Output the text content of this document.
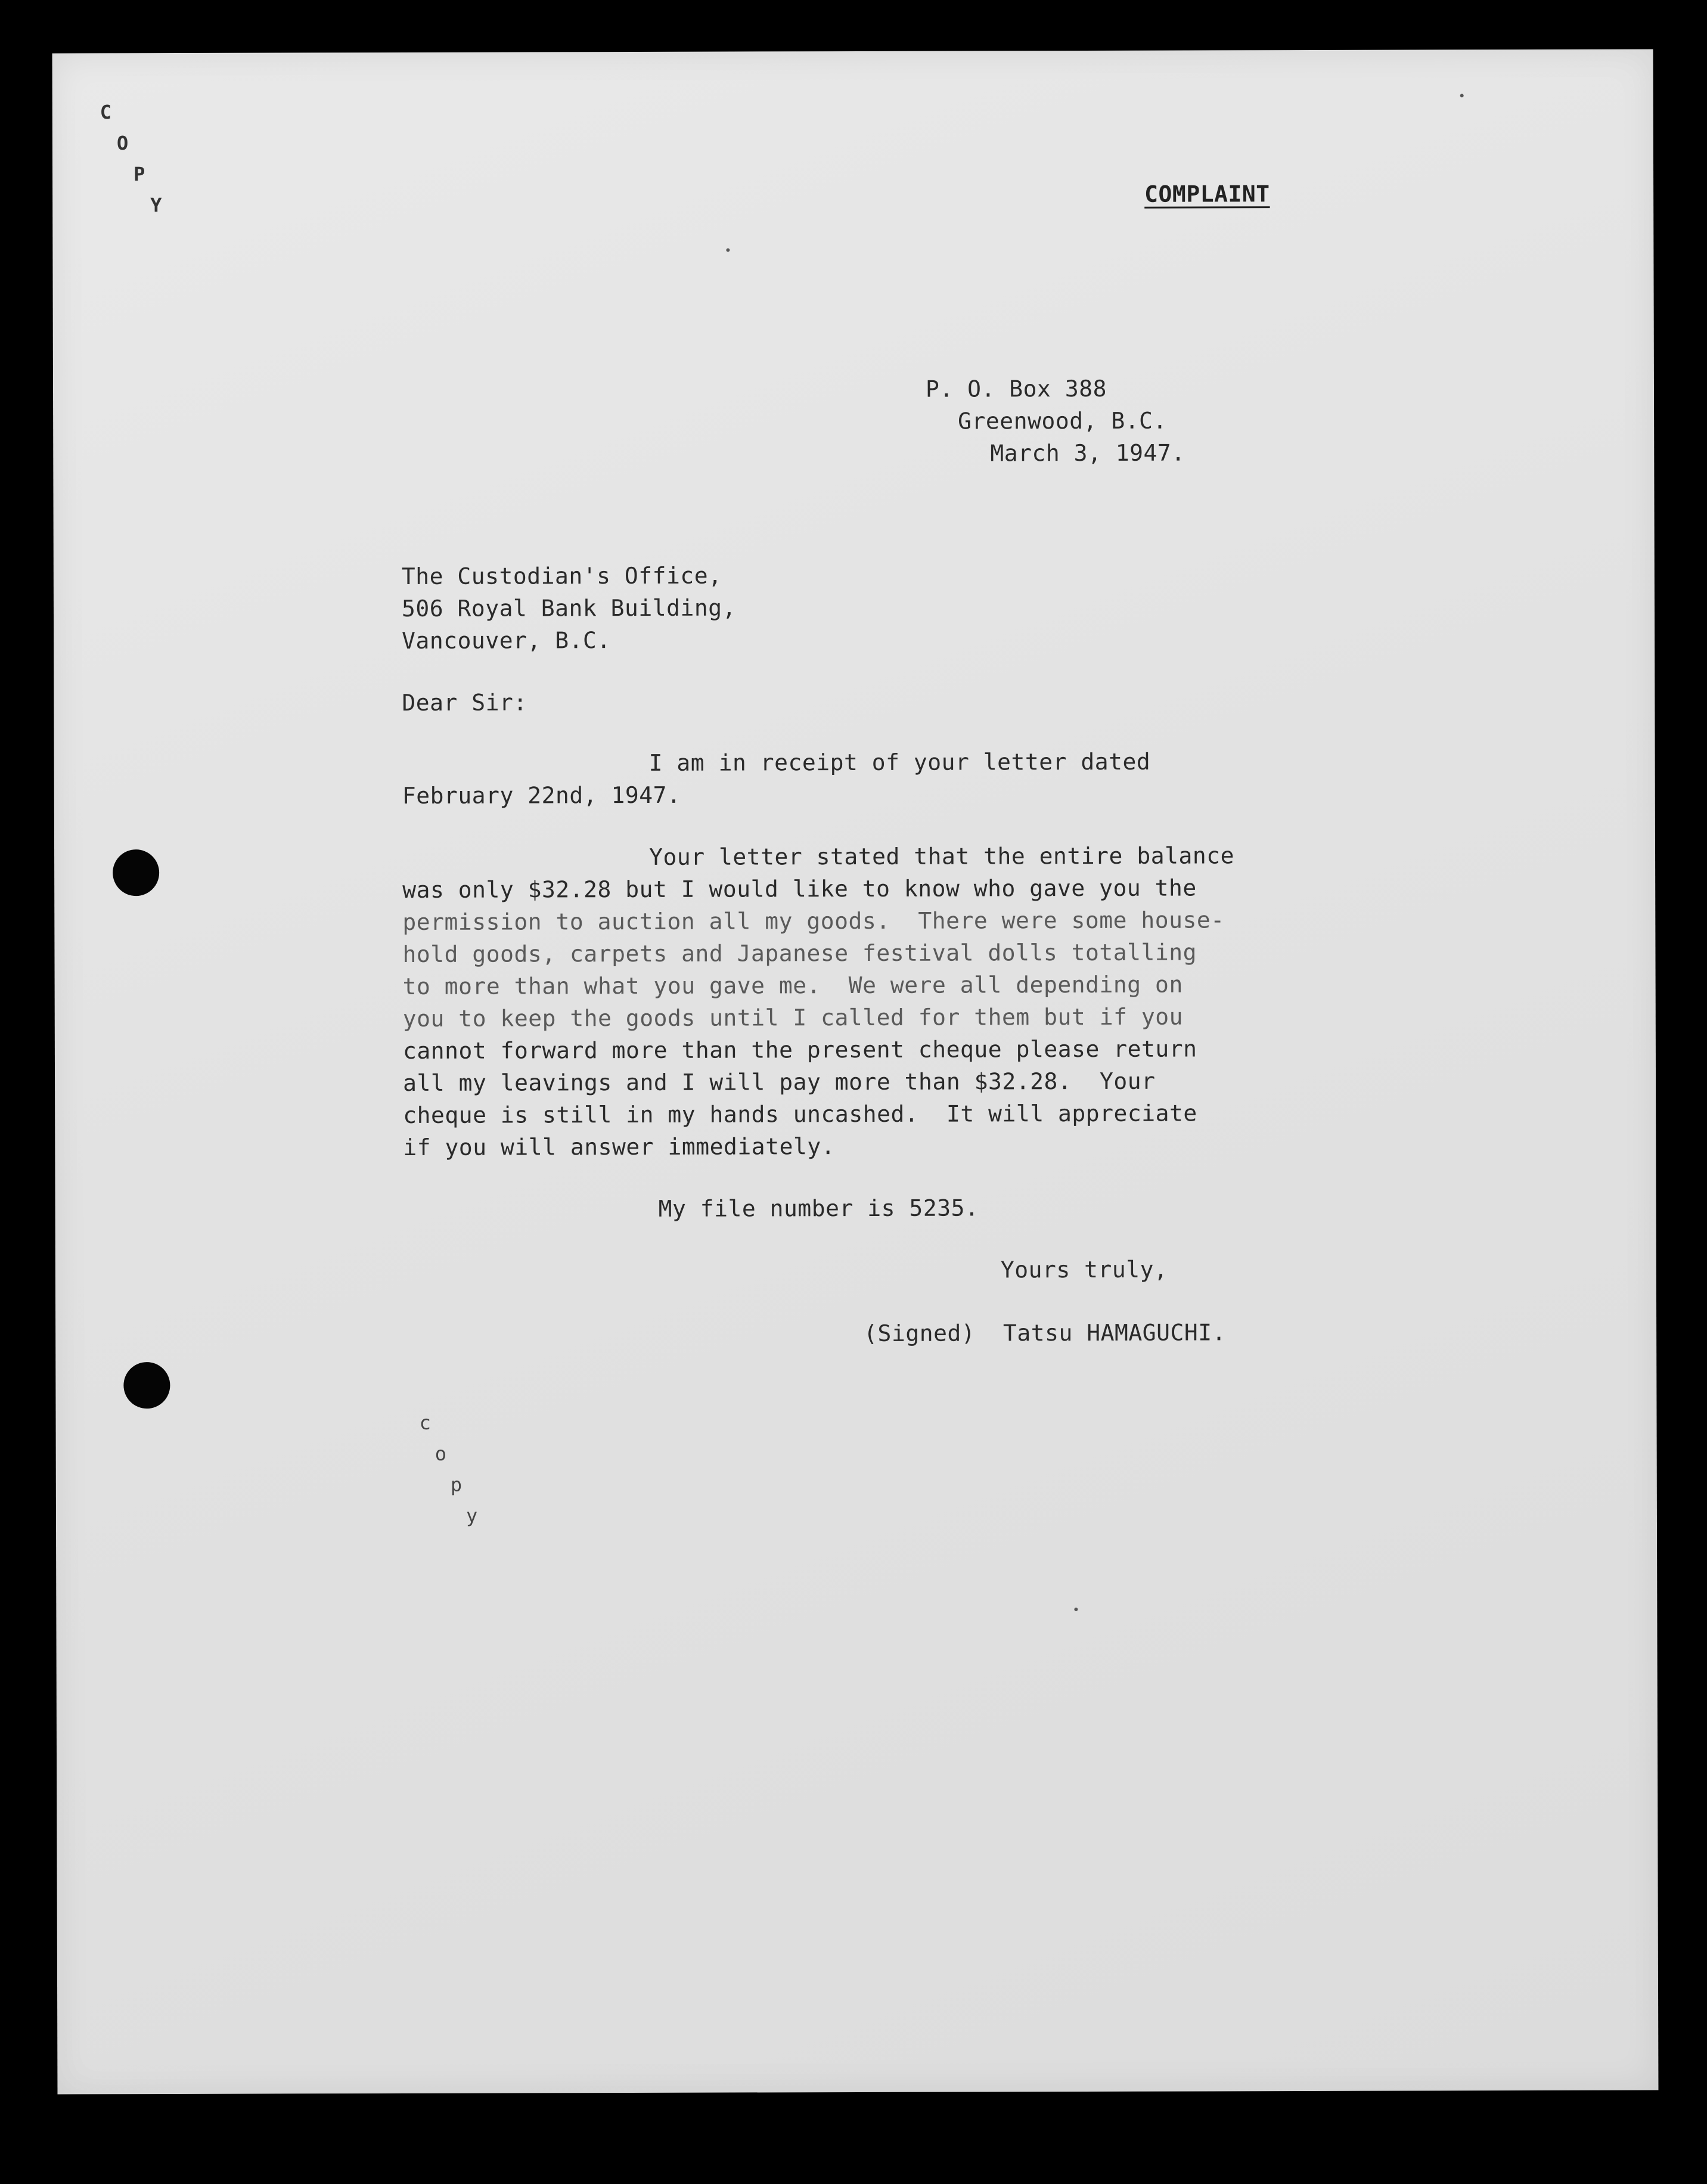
C
O
P
Y	COMPLAINT
P. O. Box 388
Greenwood, B.C.
March 3, 1947.
The Custodian's Office,
506 Royal Bank Building,
Vancouver, B.C.
Dear Sir:
I am in receipt of your letter dated
February 22nd, 1947.
Your letter stated that the entire balance
was only $32.28 but I would like to know who gave you the
permission to auction all my goods.  There were some house-
hold goods, carpets and Japanese festival dolls totalling
to more than what you gave me.  We were all depending on
you to keep the goods until I called for them but if you
cannot forward more than the present cheque please return
all my leavings and I will pay more than $32.28.  Your
cheque is still in my hands uncashed.  It will appreciate
if you will answer immediately.
My file number is 5235.
Yours truly,
(Signed)  Tatsu HAMAGUCHI.
c
o
p
y
